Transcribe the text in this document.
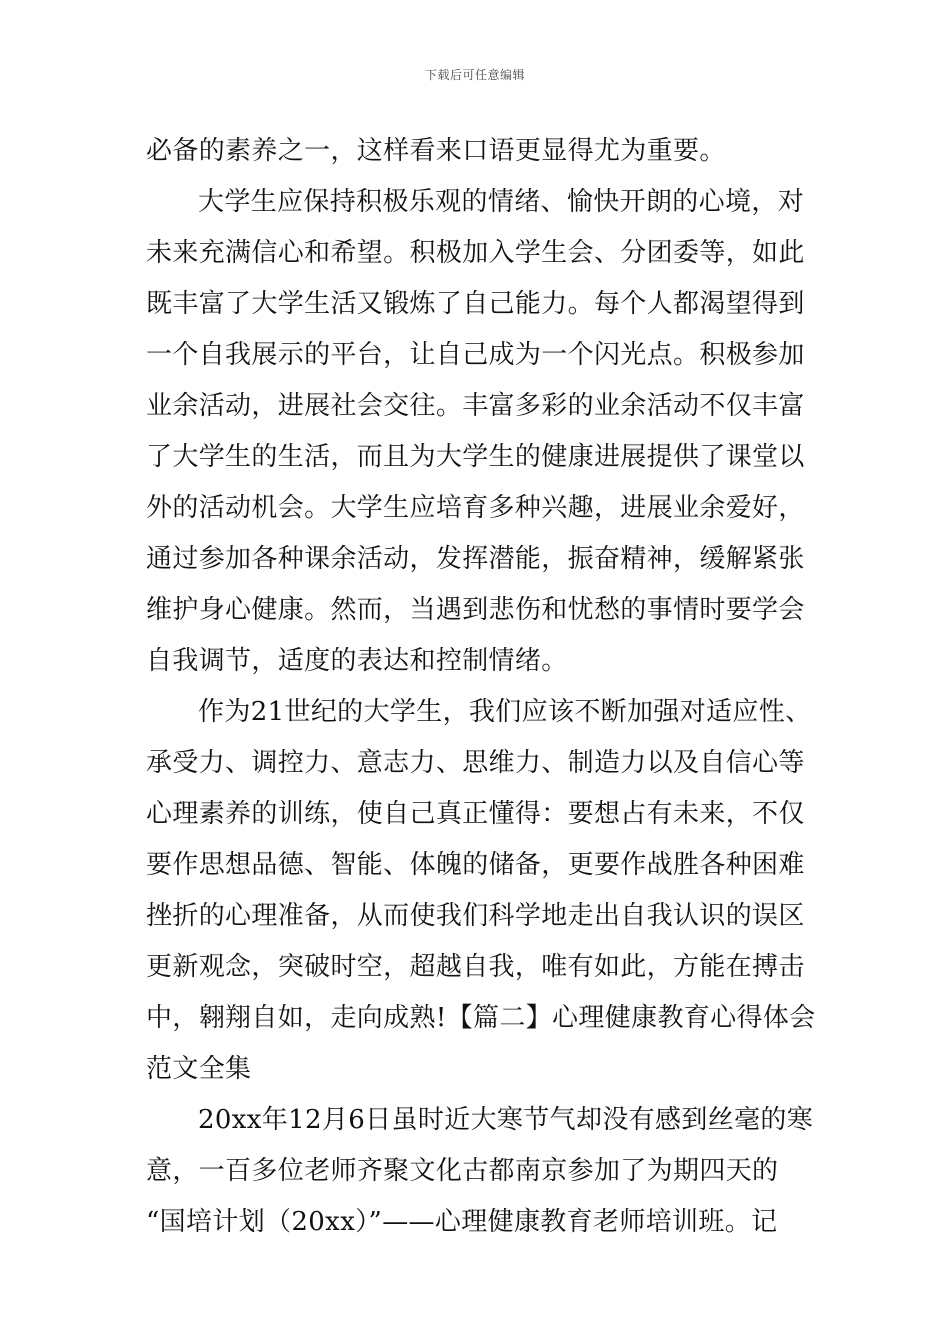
下载后可任意编辑
必备的素养之一，这样看来口语更显得尤为重要。
大学生应保持积极乐观的情绪、愉快开朗的心境，对
未来充满信心和希望。积极加入学生会、分团委等，如此
既丰富了大学生活又锻炼了自己能力。每个人都渴望得到
一个自我展示的平台，让自己成为一个闪光点。积极参加
业余活动，进展社会交往。丰富多彩的业余活动不仅丰富
了大学生的生活，而且为大学生的健康进展提供了课堂以
外的活动机会。大学生应培育多种兴趣，进展业余爱好，
通过参加各种课余活动，发挥潜能，振奋精神，缓解紧张
维护身心健康。然而，当遇到悲伤和忧愁的事情时要学会
自我调节，适度的表达和控制情绪。
作为21世纪的大学生，我们应该不断加强对适应性、
承受力、调控力、意志力、思维力、制造力以及自信心等
心理素养的训练，使自己真正懂得：要想占有未来，不仅
要作思想品德、智能、体魄的储备，更要作战胜各种困难
挫折的心理准备，从而使我们科学地走出自我认识的误区
更新观念，突破时空，超越自我，唯有如此，方能在搏击
中，翱翔自如，走向成熟!【篇二】心理健康教育心得体会
范文全集
20xx年12月6日虽时近大寒节气却没有感到丝毫的寒
意，一百多位老师齐聚文化古都南京参加了为期四天的
“国培计划（20xx）”——心理健康教育老师培训班。记
